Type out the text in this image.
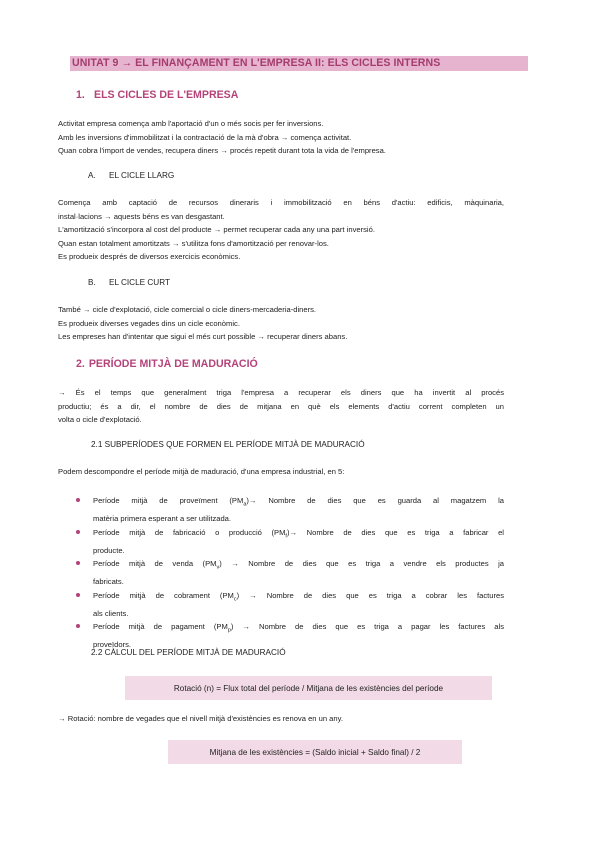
UNITAT 9 → EL FINANÇAMENT EN L'EMPRESA II: ELS CICLES INTERNS
1. ELS CICLES DE L'EMPRESA
Activitat empresa comença amb l'aportació d'un o més socis per fer inversions.
Amb les inversions d'immobilitzat i la contractació de la mà d'obra → comença activitat.
Quan cobra l'import de vendes, recupera diners → procés repetit durant tota la vida de l'empresa.
A. EL CICLE LLARG
Comença amb captació de recursos dineraris i immobilització en béns d'actiu: edificis, màquinaria,
instal·lacions → aquests béns es van desgastant.
L'amortització s'incorpora al cost del producte → permet recuperar cada any una part inversió.
Quan estan totalment amortitzats → s'utilitza fons d'amortització per renovar-los.
Es produeix després de diversos exercicis econòmics.
B. EL CICLE CURT
També → cicle d'explotació, cicle comercial o cicle diners-mercaderia-diners.
Es produeix diverses vegades dins un cicle econòmic.
Les empreses han d'intentar que sigui el més curt possible → recuperar diners abans.
2. PERÍODE MITJÀ DE MADURACIÓ
→ És el temps que generalment triga l'empresa a recuperar els diners que ha invertit al procés
productiu; és a dir, el nombre de dies de mitjana en què els elements d'actiu corrent completen un
volta o cicle d'explotació.
2.1 SUBPERÍODES QUE FORMEN EL PERÍODE MITJÀ DE MADURACIÓ
Podem descompondre el període mitjà de maduració, d'una empresa industrial, en 5:
Període mitjà de proveïment $(PM_a)\to$ Nombre de dies que es guarda al magatzem la
matèria primera esperant a ser utilitzada.
Període mitjà de fabricació o producció $(PM_f)\to$ Nombre de dies que es triga a fabricar el
producte.
Període mitjà de venda $(PM_v)$ → Nombre de dies que es triga a vendre els productes ja
fabricats.
Període mitjà de cobrament $(PM_c)$ → Nombre de dies que es triga a cobrar les factures
als clients.
Període mitjà de pagament $(PM_p)$ → Nombre de dies que es triga a pagar les factures als
proveïdors.
2.2 CÀLCUL DEL PERÍODE MITJÀ DE MADURACIÓ
Rotació (n) = Flux total del període / Mitjana de les existències del període
→ Rotació: nombre de vegades que el nivell mitjà d'existències es renova en un any.
Mitjana de les existències = (Saldo inicial + Saldo final) / 2
